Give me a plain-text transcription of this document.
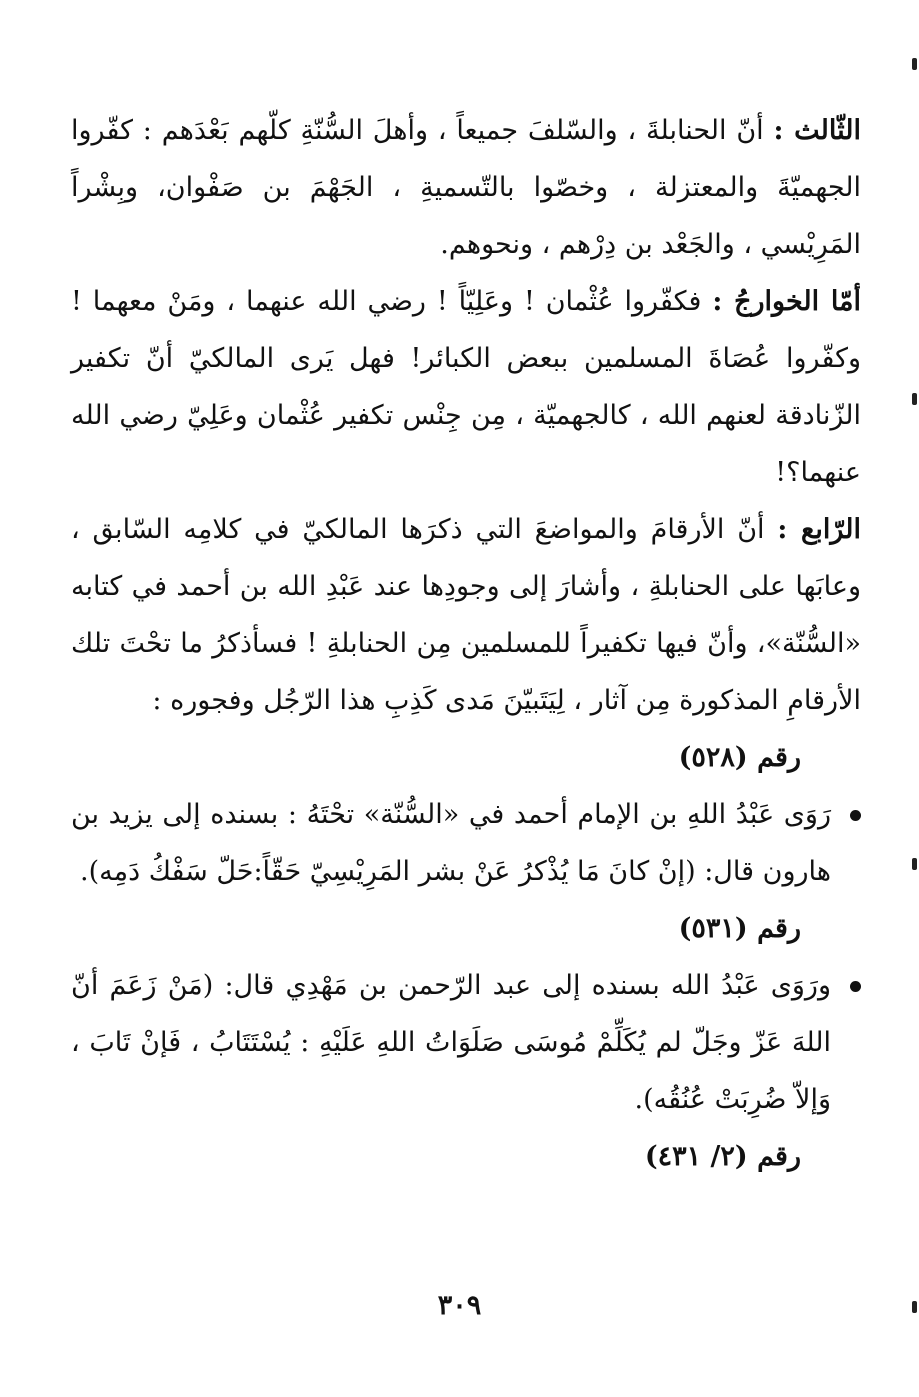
الثّالث : أنّ الحنابلةَ ، والسّلفَ جميعاً ، وأهلَ السُّنّةِ كلّهم بَعْدَهم : كفّروا الجهميّةَ والمعتزلة ، وخصّوا بالتّسميةِ ، الجَهْمَ بن صَفْوان، وبِشْراً المَرِيْسي ، والجَعْد بن دِرْهم ، ونحوهم.

أمّا الخوارجُ : فكفّروا عُثْمان ! وعَلِيّاً ! رضي الله عنهما ، ومَنْ معهما ! وكفّروا عُصَاةَ المسلمين ببعض الكبائر! فهل يَرى المالكيّ أنّ تكفير الزّنادقة لعنهم الله ، كالجهميّة ، مِن جِنْس تكفير عُثْمان وعَلِيّ رضي الله عنهما؟!

الرّابع : أنّ الأرقامَ والمواضعَ التي ذكرَها المالكيّ في كلامِه السّابق ، وعابَها على الحنابلةِ ، وأشارَ إلى وجودِها عند عَبْدِ الله بن أحمد في كتابه «السُّنّة»، وأنّ فيها تكفيراً للمسلمين مِن الحنابلةِ ! فسأذكرُ ما تحْتَ تلك الأرقامِ المذكورة مِن آثار ، لِيَتَبيّنَ مَدى كَذِبِ هذا الرّجُل وفجوره :

رقم (٥٢٨)
رَوَى عَبْدُ اللهِ بن الإمام أحمد في «السُّنّة» تحْتَهُ : بسنده إلى يزيد بن هارون قال: (إنْ كانَ مَا يُذْكرُ عَنْ بشر المَرِيْسِيّ حَقّاً:حَلّ سَفْكُ دَمِه).
رقم (٥٣١)
ورَوَى عَبْدُ الله بسنده إلى عبد الرّحمن بن مَهْدِي قال: (مَنْ زَعَمَ أنّ اللهَ عَزّ وجَلّ لم يُكَلِّمْ مُوسَى صَلَوَاتُ اللهِ عَلَيْهِ : يُسْتَتَابُ ، فَإنْ تَابَ ، وَإلاّ ضُرِبَتْ عُنُقُه).
رقم (٢/ ٤٣١)
٣٠٩
